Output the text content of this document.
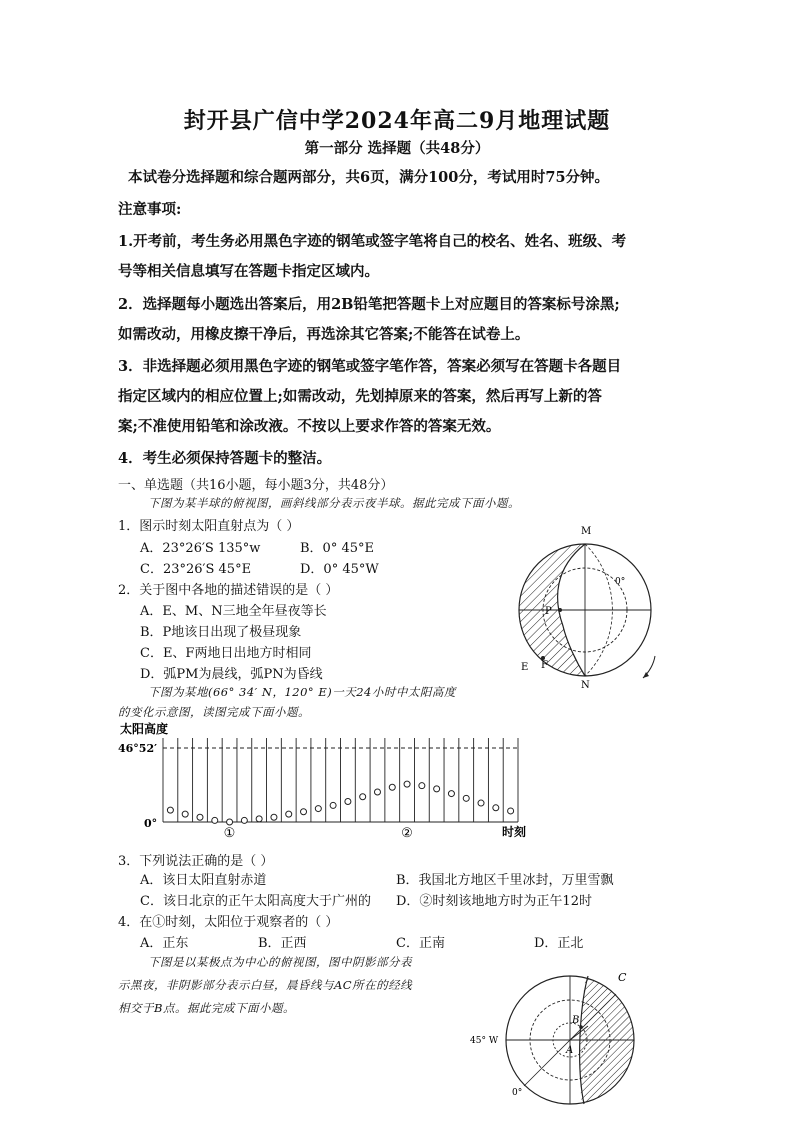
封开县广信中学2024年高二9月地理试题
第一部分 选择题（共48分）
本试卷分选择题和综合题两部分，共6页，满分100分，考试用时75分钟。
注意事项:
1.开考前，考生务必用黑色字迹的钢笔或签字笔将自己的校名、姓名、班级、考
号等相关信息填写在答题卡指定区域内。
2．选择题每小题选出答案后，用2B铅笔把答题卡上对应题目的答案标号涂黑;
如需改动，用橡皮擦干净后，再选涂其它答案;不能答在试卷上。
3．非选择题必须用黑色字迹的钢笔或签字笔作答，答案必须写在答题卡各题目
指定区域内的相应位置上;如需改动，先划掉原来的答案，然后再写上新的答
案;不准使用铅笔和涂改液。不按以上要求作答的答案无效。
4．考生必须保持答题卡的整洁。
一、单选题（共16小题，每小题3分，共48分）
下图为某半球的俯视图，画斜线部分表示夜半球。据此完成下面小题。
1．图示时刻太阳直射点为（ ）
A．23°26′S 135°w	B．0° 45°E
C．23°26′S 45°E	D．0° 45°W
2．关于图中各地的描述错误的是（ ）
A．E、M、N三地全年昼夜等长
B．P地该日出现了极昼现象
C．E、F两地日出地方时相同
D．弧PM为晨线，弧PN为昏线
下图为某地(66° 34′ N，120° E)一天24小时中太阳高度
的变化示意图，读图完成下面小题。
M
N
P
E F
0°
太阳高度
46°52′
0°
时刻
①	②
3．下列说法正确的是（ ）
A．该日太阳直射赤道	B．我国北方地区千里冰封，万里雪飘
C．该日北京的正午太阳高度大于广州的 D．②时刻该地地方时为正午12时
4．在①时刻，太阳位于观察者的（ ）
A．正东	B．正西	C．正南	D．正北
下图是以某极点为中心的俯视图，图中阴影部分表
示黑夜，非阴影部分表示白昼，晨昏线与AC所在的经线
相交于B点。据此完成下面小题。
C
B
A
45° W
0°
